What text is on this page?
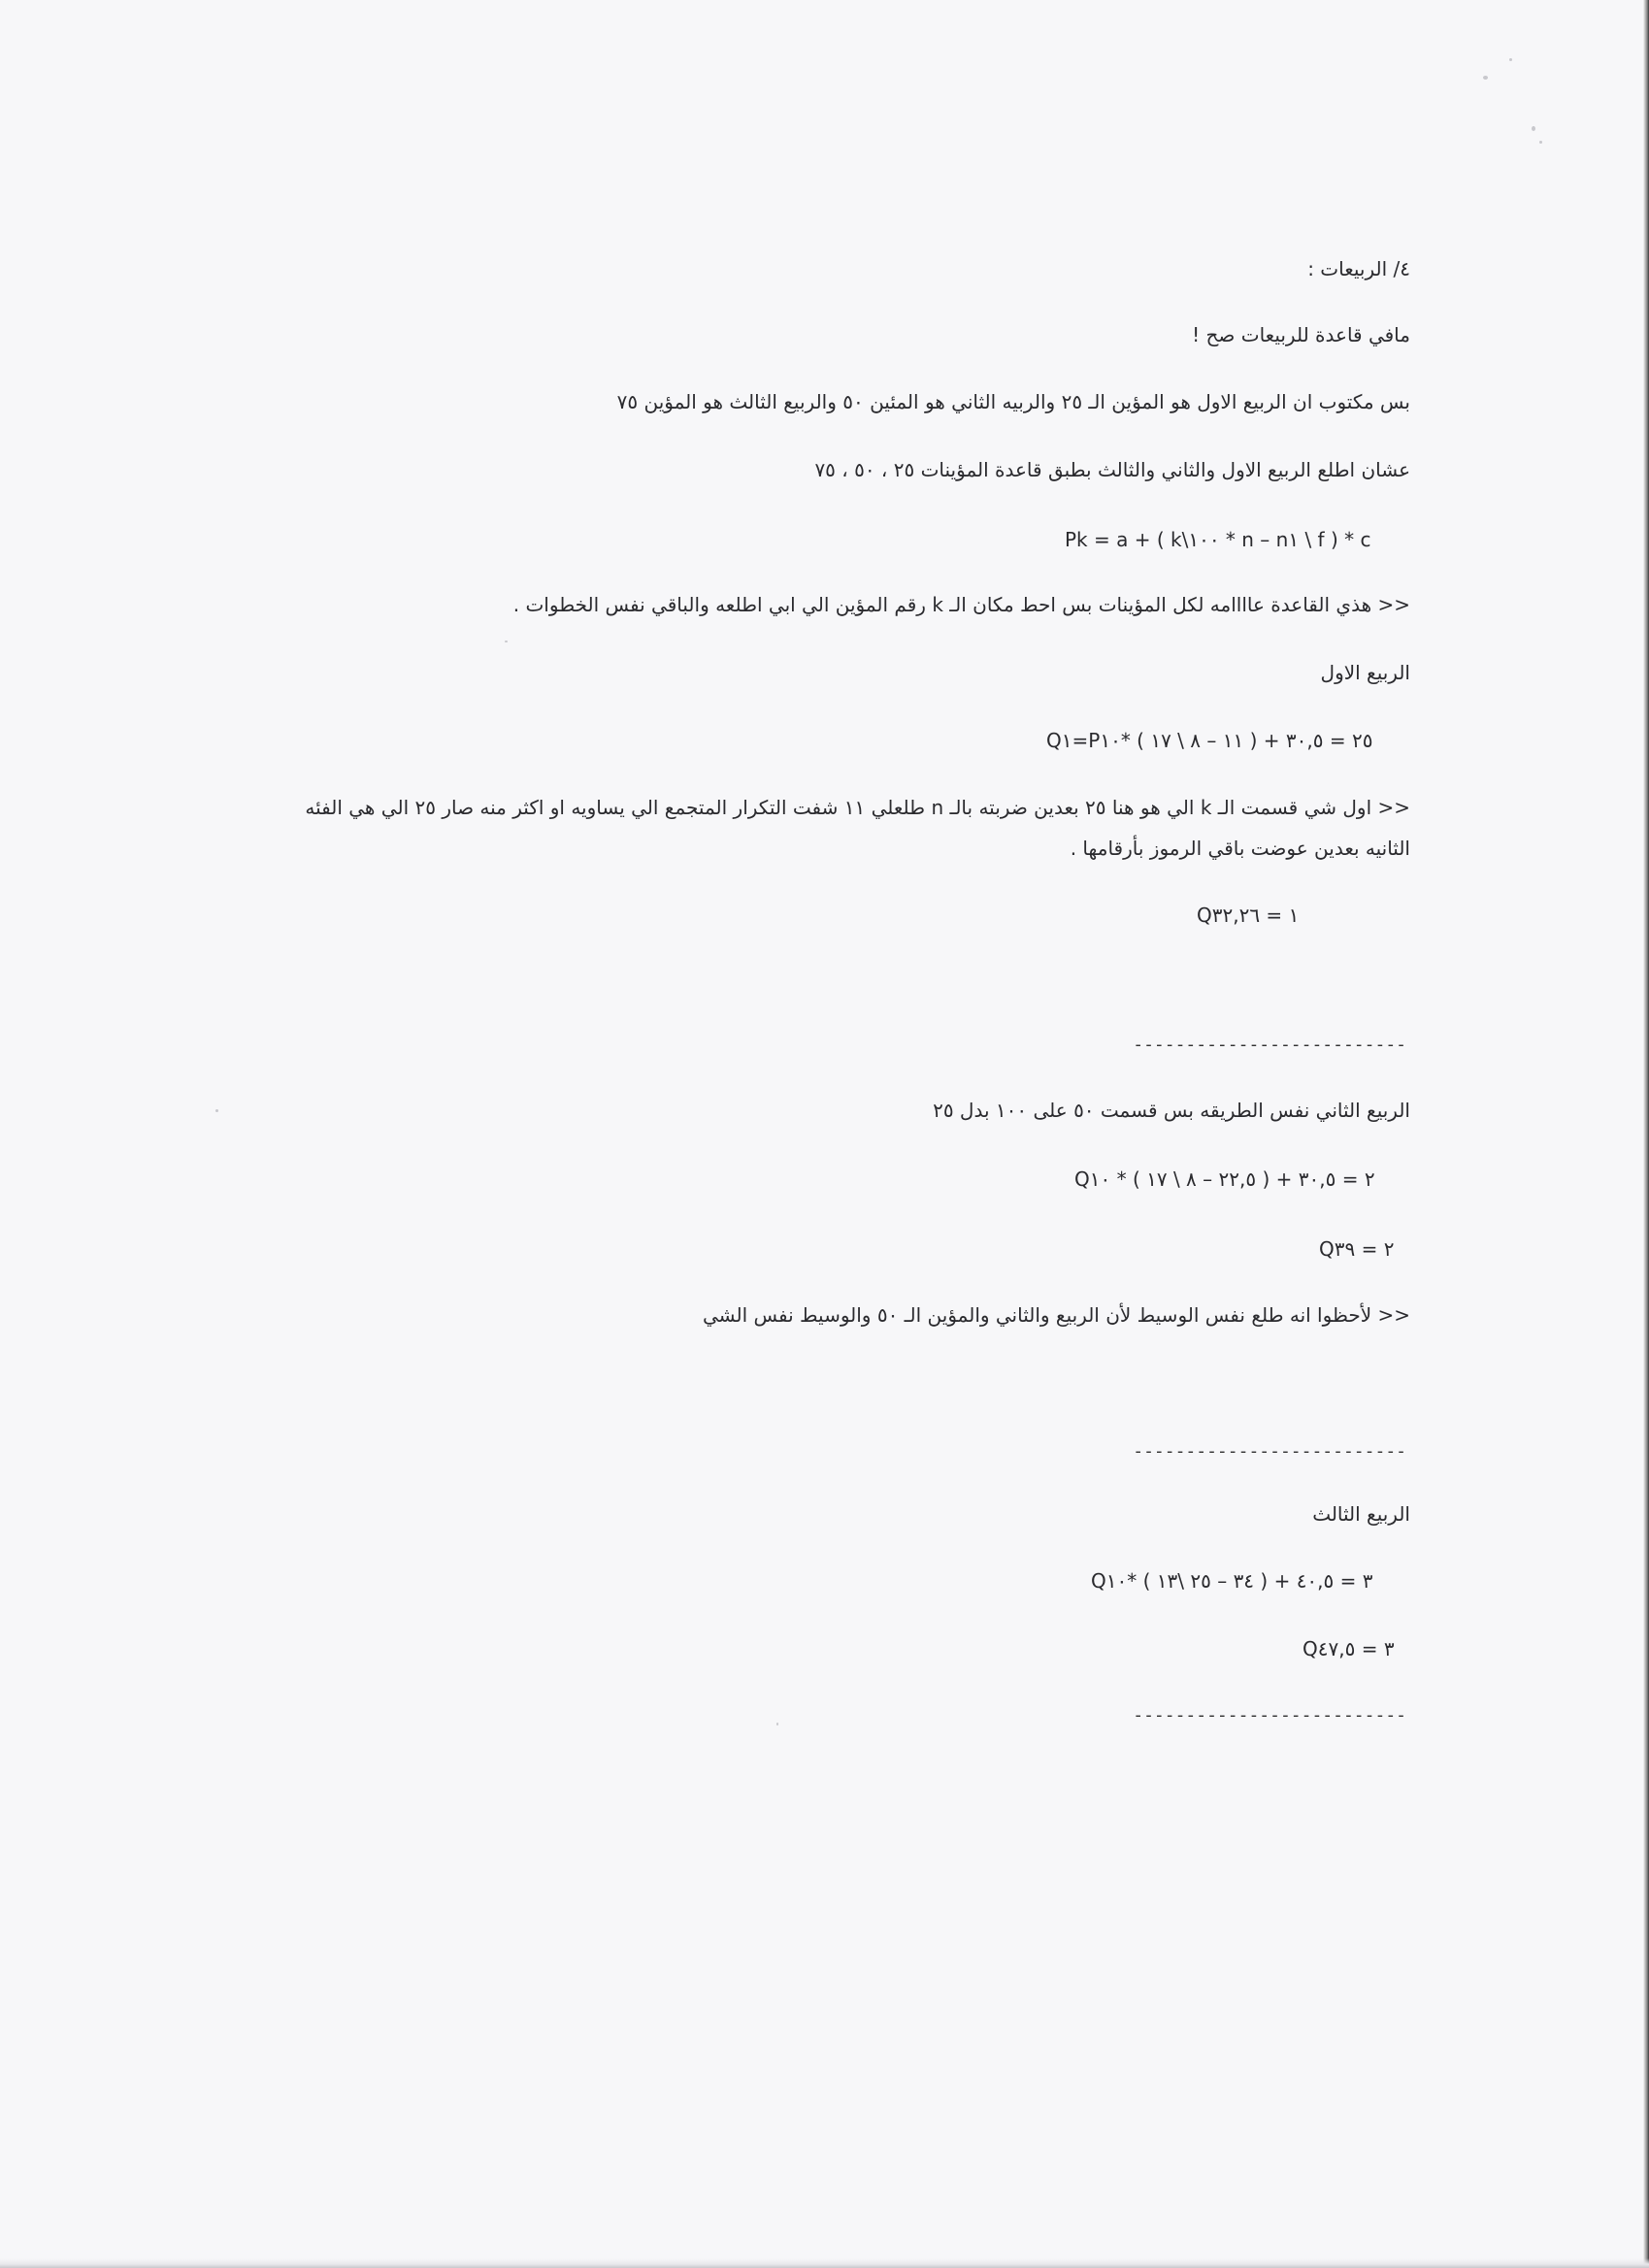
٤/ الربيعات :
مافي قاعدة للربيعات صح !
بس مكتوب ان الربيع الاول هو المؤين الـ ٢٥ والربيه الثاني هو المئين ٥٠ والربيع الثالث هو المؤين ٧٥
عشان اطلع الربيع الاول والثاني والثالث بطبق قاعدة المؤينات ٢٥ ، ٥٠ ، ٧٥
Pk = a + ( k\١٠٠ * n – n١ \ f ) * c
<< هذي القاعدة عاااامه لكل المؤينات بس احط مكان الـ k رقم المؤين الي ابي اطلعه والباقي نفس الخطوات .
الربيع الاول
Q١=P٢٥ = ٣٠,٥ + ( ١١ – ٨ \ ١٧ ) *١٠
<< اول شي قسمت الـ k الي هو هنا ٢٥ بعدين ضربته بالـ n طلعلي ١١ شفت التكرار المتجمع الي يساويه او اكثر منه صار ٢٥ الي هي الفئه الثانيه بعدين عوضت باقي الرموز بأرقامها .
Q١ = ٣٢,٢٦
--------------------------
الربيع الثاني نفس الطريقه بس قسمت ٥٠ على ١٠٠ بدل ٢٥
Q٢ = ٣٠,٥ + ( ٢٢,٥ – ٨ \ ١٧ ) * ١٠
Q٢ = ٣٩
<< لأحظوا انه طلع نفس الوسيط لأن الربيع والثاني والمؤين الـ ٥٠ والوسيط نفس الشي
--------------------------
الربيع الثالث
Q٣ = ٤٠,٥ + ( ٣٤ – ٢٥ \١٣ ) *١٠
Q٣ = ٤٧,٥
--------------------------
